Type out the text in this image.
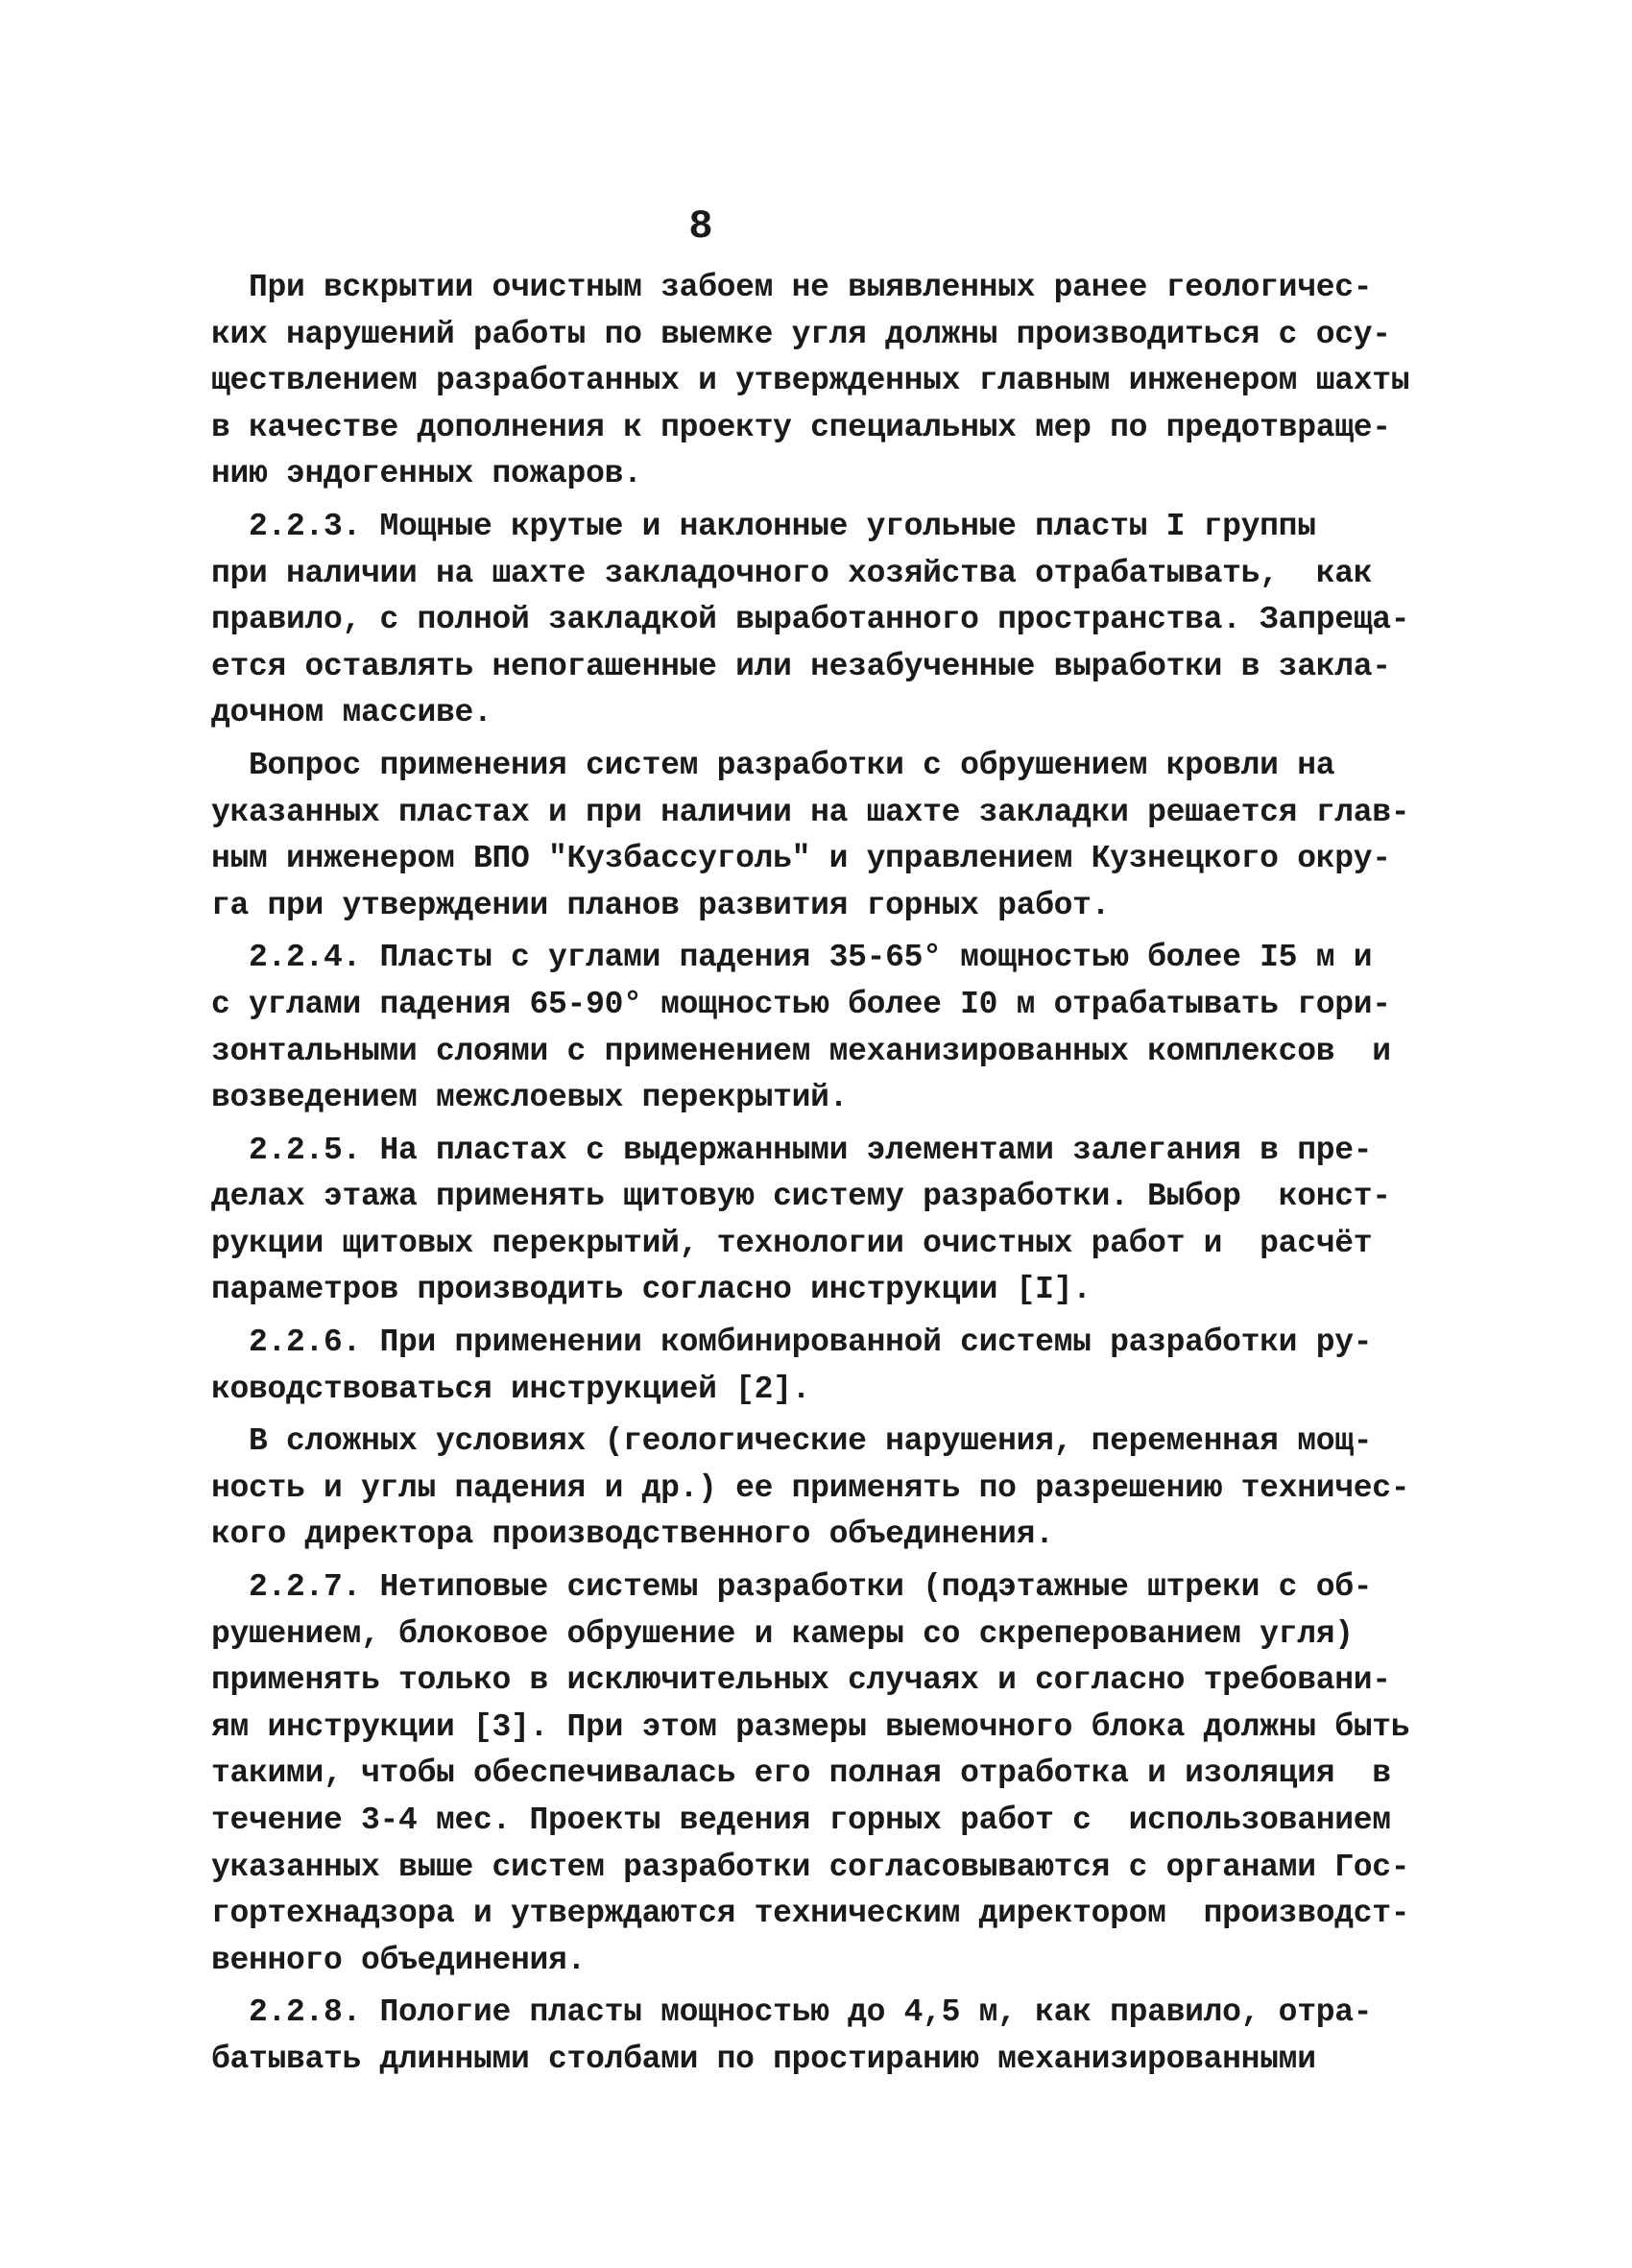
8
При вскрытии очистным забоем не выявленных ранее геологичес-
ких нарушений работы по выемке угля должны производиться с осу-
ществлением разработанных и утвержденных главным инженером шахты
в качестве дополнения к проекту специальных мер по предотвраще-
нию эндогенных пожаров.
2.2.3. Мощные крутые и наклонные угольные пласты I группы
при наличии на шахте закладочного хозяйства отрабатывать,  как
правило, с полной закладкой выработанного пространства. Запреща-
ется оставлять непогашенные или незабученные выработки в закла-
дочном массиве.
Вопрос применения систем разработки с обрушением кровли на
указанных пластах и при наличии на шахте закладки решается глав-
ным инженером ВПО "Кузбассуголь" и управлением Кузнецкого окру-
га при утверждении планов развития горных работ.
2.2.4. Пласты с углами падения 35-65° мощностью более I5 м и
с углами падения 65-90° мощностью более I0 м отрабатывать гори-
зонтальными слоями с применением механизированных комплексов  и
возведением межслоевых перекрытий.
2.2.5. На пластах с выдержанными элементами залегания в пре-
делах этажа применять щитовую систему разработки. Выбор  конст-
рукции щитовых перекрытий, технологии очистных работ и  расчёт
параметров производить согласно инструкции [I].
2.2.6. При применении комбинированной системы разработки ру-
ководствоваться инструкцией [2].
В сложных условиях (геологические нарушения, переменная мощ-
ность и углы падения и др.) ее применять по разрешению техничес-
кого директора производственного объединения.
2.2.7. Нетиповые системы разработки (подэтажные штреки с об-
рушением, блоковое обрушение и камеры со скреперованием угля)
применять только в исключительных случаях и согласно требовани-
ям инструкции [3]. При этом размеры выемочного блока должны быть
такими, чтобы обеспечивалась его полная отработка и изоляция  в
течение 3-4 мес. Проекты ведения горных работ с  использованием
указанных выше систем разработки согласовываются с органами Гос-
гортехнадзора и утверждаются техническим директором  производст-
венного объединения.
2.2.8. Пологие пласты мощностью до 4,5 м, как правило, отра-
батывать длинными столбами по простиранию механизированными
